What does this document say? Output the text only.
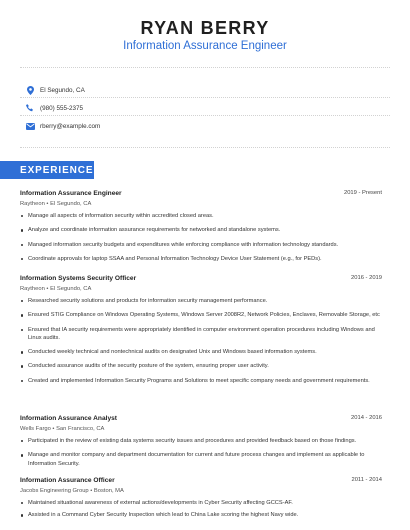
RYAN BERRY
Information Assurance Engineer
El Segundo, CA
(980) 555-2375
rberry@example.com
EXPERIENCE
Information Assurance Engineer	2019 - Present
Raytheon • El Segundo, CA
Manage all aspects of information security within accredited closed areas.
Analyze and coordinate information assurance requirements for networked and standalone systems.
Managed information security budgets and expenditures while enforcing compliance with information technology standards.
Coordinate approvals for laptop SSAA and Personal Information Technology Device User Statement (e.g., for PEDs).
Information Systems Security Officer	2016 - 2019
Raytheon • El Segundo, CA
Researched security solutions and products for information security management performance.
Ensured STIG Compliance on Windows Operating Systems, Windows Server 2008R2, Network Policies, Enclaves, Removable Storage, etc
Ensured that IA security requirements were appropriately identified in computer environment operation procedures including Windows and Linux audits.
Conducted weekly technical and nontechnical audits on designated Unix and Windows based information systems.
Conducted assurance audits of the security posture of the system, ensuring proper user activity.
Created and implemented Information Security Programs and Solutions to meet specific company needs and government requirements.
Information Assurance Analyst	2014 - 2016
Wells Fargo • San Francisco, CA
Participated in the review of existing data systems security issues and procedures and provided feedback based on those findings.
Manage and monitor company and department documentation for current and future process changes and implement as applicable to Information Security.
Information Assurance Officer	2011 - 2014
Jacobs Engineering Group • Boston, MA
Maintained situational awareness of external actions/developments in Cyber Security affecting GCCS-AF.
Assisted in a Command Cyber Security Inspection which lead to China Lake scoring the highest Navy wide.
